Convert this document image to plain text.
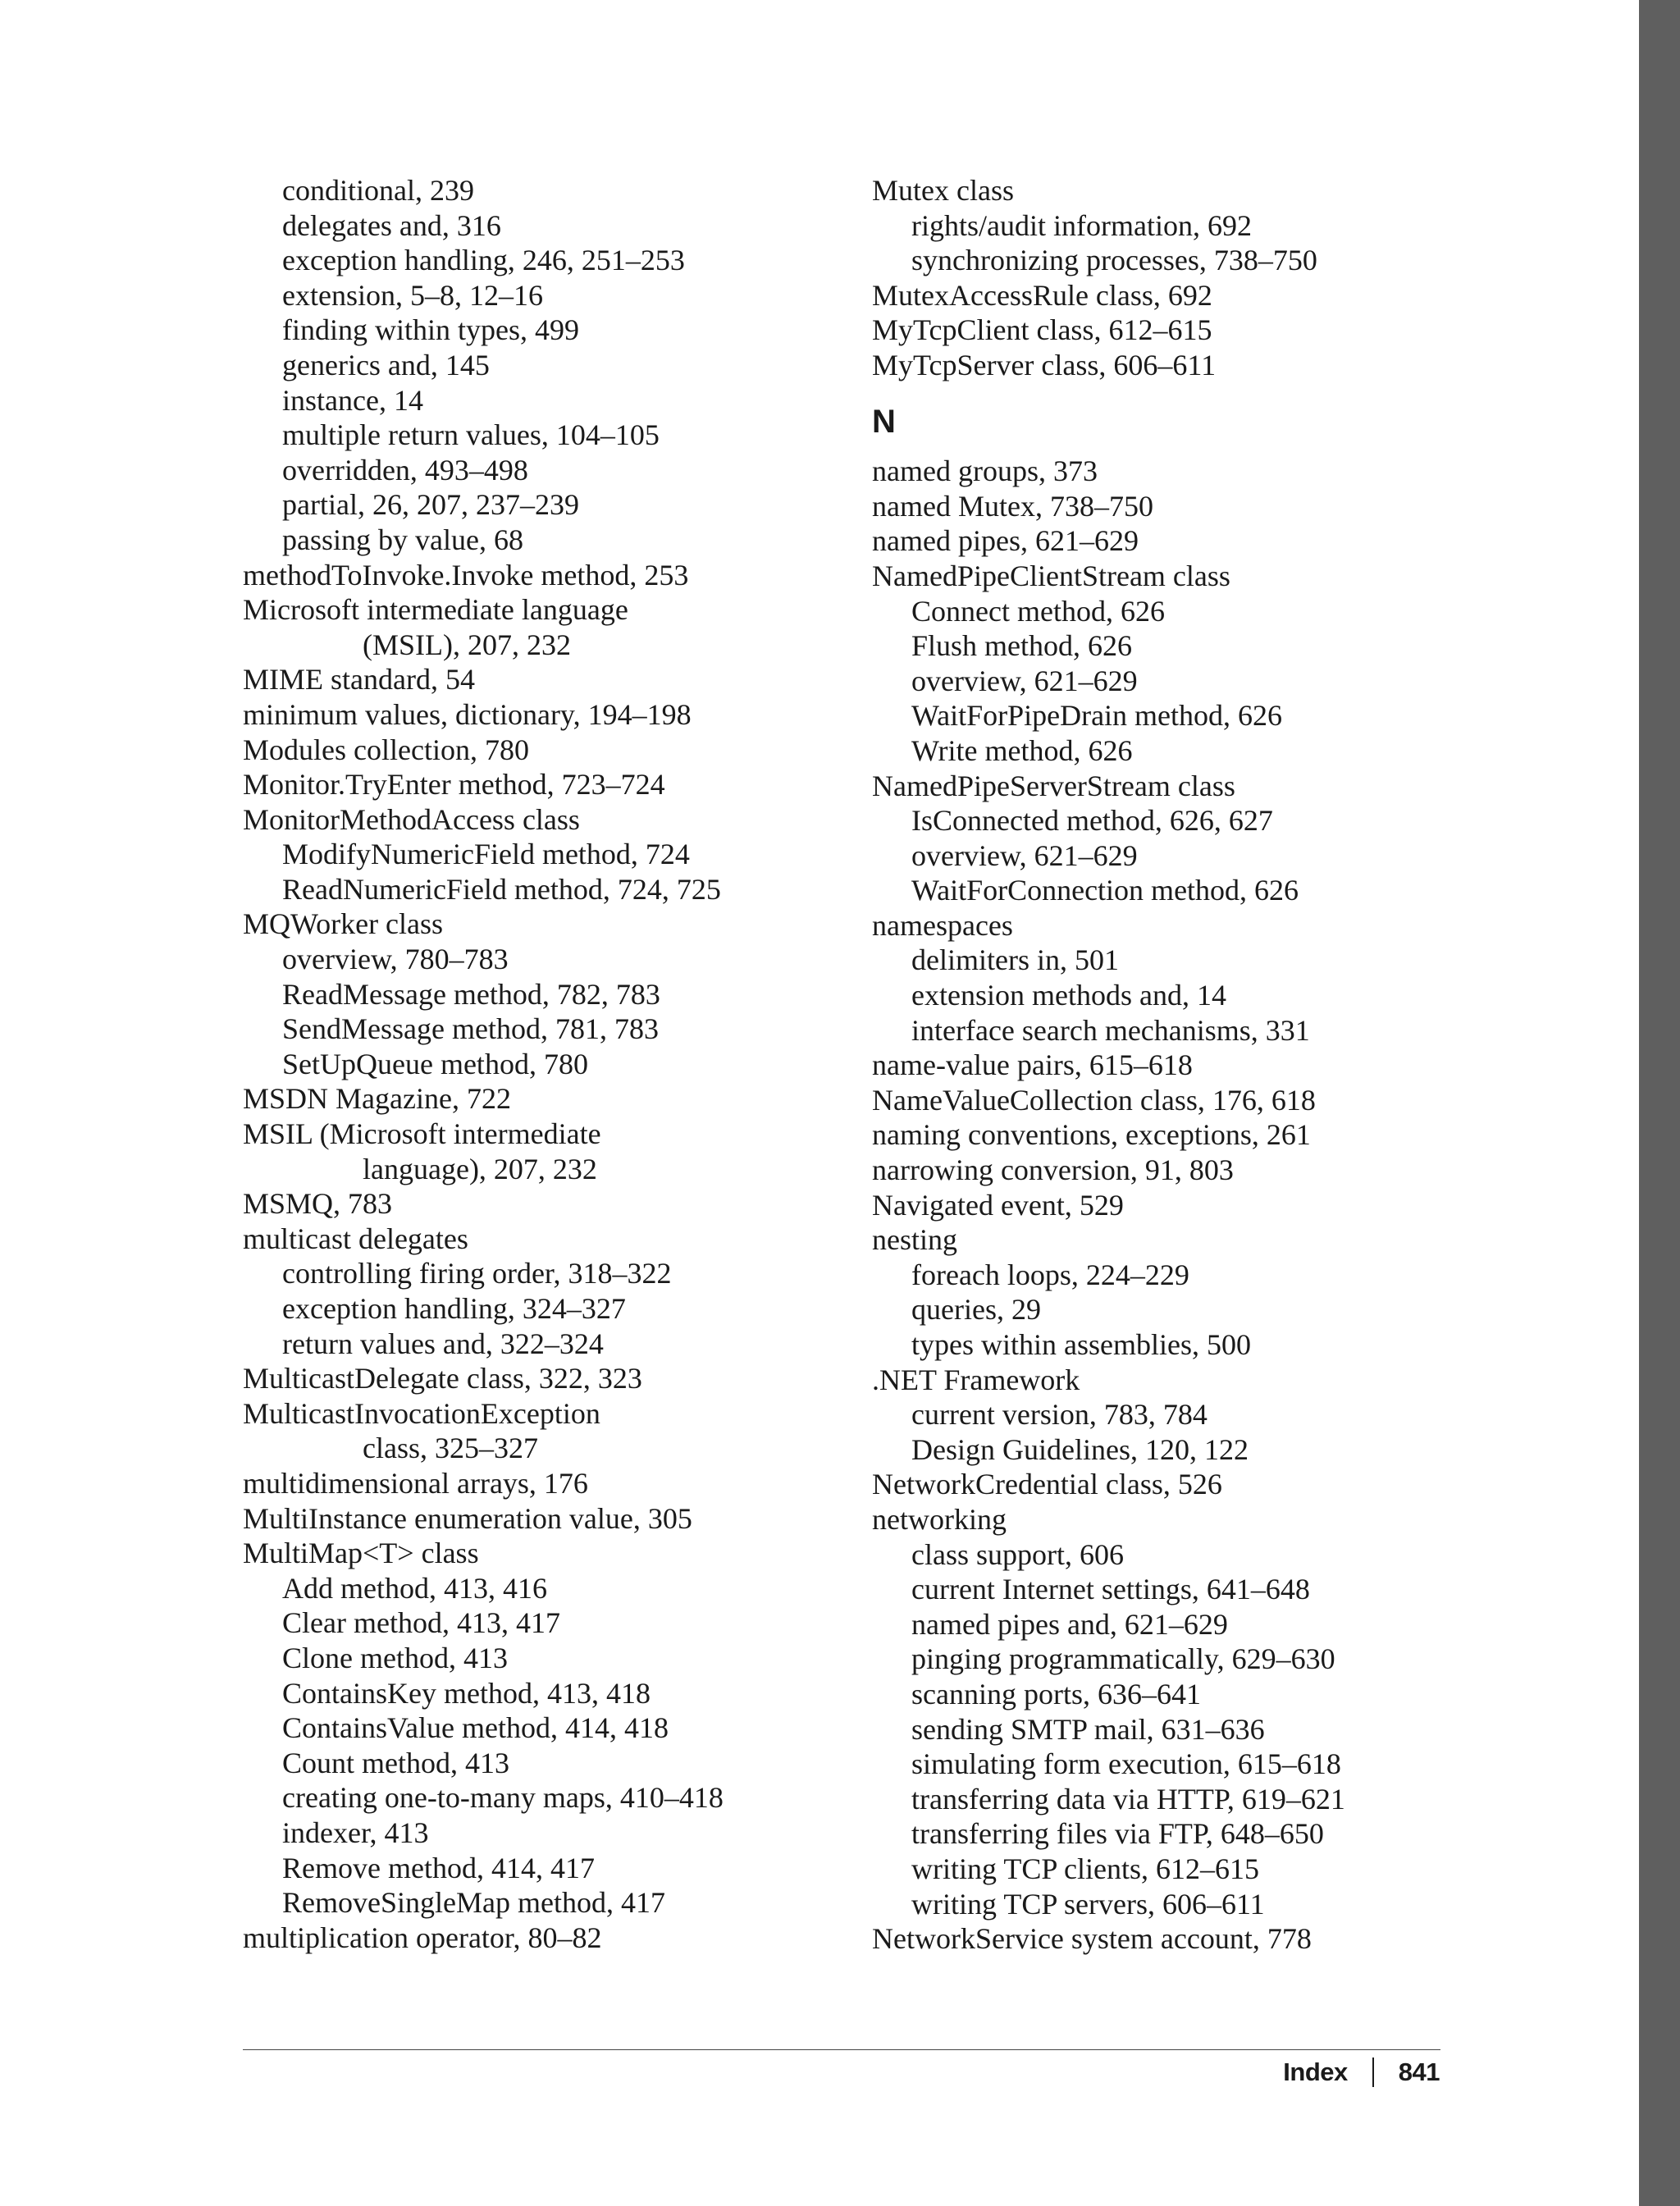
conditional, 239
delegates and, 316
exception handling, 246, 251–253
extension, 5–8, 12–16
finding within types, 499
generics and, 145
instance, 14
multiple return values, 104–105
overridden, 493–498
partial, 26, 207, 237–239
passing by value, 68
methodToInvoke.Invoke method, 253
Microsoft intermediate language
(MSIL), 207, 232
MIME standard, 54
minimum values, dictionary, 194–198
Modules collection, 780
Monitor.TryEnter method, 723–724
MonitorMethodAccess class
ModifyNumericField method, 724
ReadNumericField method, 724, 725
MQWorker class
overview, 780–783
ReadMessage method, 782, 783
SendMessage method, 781, 783
SetUpQueue method, 780
MSDN Magazine, 722
MSIL (Microsoft intermediate
language), 207, 232
MSMQ, 783
multicast delegates
controlling firing order, 318–322
exception handling, 324–327
return values and, 322–324
MulticastDelegate class, 322, 323
MulticastInvocationException
class, 325–327
multidimensional arrays, 176
MultiInstance enumeration value, 305
MultiMap<T> class
Add method, 413, 416
Clear method, 413, 417
Clone method, 413
ContainsKey method, 413, 418
ContainsValue method, 414, 418
Count method, 413
creating one-to-many maps, 410–418
indexer, 413
Remove method, 414, 417
RemoveSingleMap method, 417
multiplication operator, 80–82
Mutex class
rights/audit information, 692
synchronizing processes, 738–750
MutexAccessRule class, 692
MyTcpClient class, 612–615
MyTcpServer class, 606–611
N
named groups, 373
named Mutex, 738–750
named pipes, 621–629
NamedPipeClientStream class
Connect method, 626
Flush method, 626
overview, 621–629
WaitForPipeDrain method, 626
Write method, 626
NamedPipeServerStream class
IsConnected method, 626, 627
overview, 621–629
WaitForConnection method, 626
namespaces
delimiters in, 501
extension methods and, 14
interface search mechanisms, 331
name-value pairs, 615–618
NameValueCollection class, 176, 618
naming conventions, exceptions, 261
narrowing conversion, 91, 803
Navigated event, 529
nesting
foreach loops, 224–229
queries, 29
types within assemblies, 500
.NET Framework
current version, 783, 784
Design Guidelines, 120, 122
NetworkCredential class, 526
networking
class support, 606
current Internet settings, 641–648
named pipes and, 621–629
pinging programmatically, 629–630
scanning ports, 636–641
sending SMTP mail, 631–636
simulating form execution, 615–618
transferring data via HTTP, 619–621
transferring files via FTP, 648–650
writing TCP clients, 612–615
writing TCP servers, 606–611
NetworkService system account, 778
Index 841
